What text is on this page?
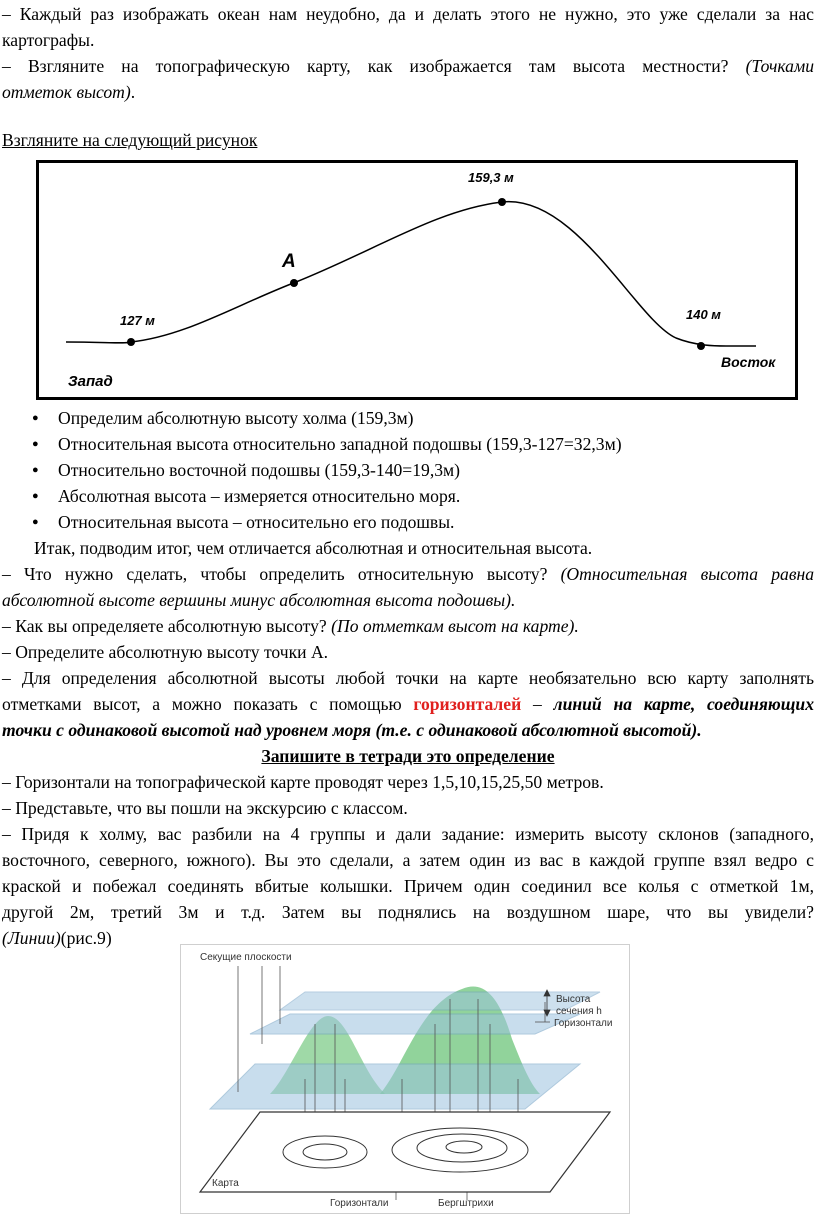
– Каждый раз изображать океан нам неудобно, да и делать этого не нужно, это уже сделали за нас
картографы.
– Взгляните на топографическую карту, как изображается там высота местности? (Точками
отметок высот).
Взгляните на следующий рисунок
159,3 м
А
127 м	140 м
Запад
Восток
● Определим абсолютную высоту холма (159,3м)
● Относительная высота относительно западной подошвы (159,3-127=32,3м)
● Относительно восточной подошвы (159,3-140=19,3м)
● Абсолютная высота – измеряется относительно моря.
● Относительная высота – относительно его подошвы.
Итак, подводим итог, чем отличается абсолютная и относительная высота.
– Что нужно сделать, чтобы определить относительную высоту? (Относительная высота равна
абсолютной высоте вершины минус абсолютная высота подошвы).
– Как вы определяете абсолютную высоту? (По отметкам высот на карте).
– Определите абсолютную высоту точки А.
– Для определения абсолютной высоты любой точки на карте необязательно всю карту заполнять
отметками высот, а можно показать с помощью горизонталей – линий на карте, соединяющих
точки с одинаковой высотой над уровнем моря (т.е. с одинаковой абсолютной высотой).
Запишите в тетради это определение
– Горизонтали на топографической карте проводят через 1,5,10,15,25,50 метров.
– Представьте, что вы пошли на экскурсию с классом.
– Придя к холму, вас разбили на 4 группы и дали задание: измерить высоту склонов (западного,
восточного, северного, южного). Вы это сделали, а затем один из вас в каждой группе взял ведро с
краской и побежал соединять вбитые колышки. Причем один соединил все колья с отметкой 1м,
другой 2м, третий 3м и т.д. Затем вы поднялись на воздушном шаре, что вы увидели?
(Линии)(рис.9)
Секущие плоскости
Высота
сечения h
Горизонтали
Карта
Горизонтали	Бергштрихи
